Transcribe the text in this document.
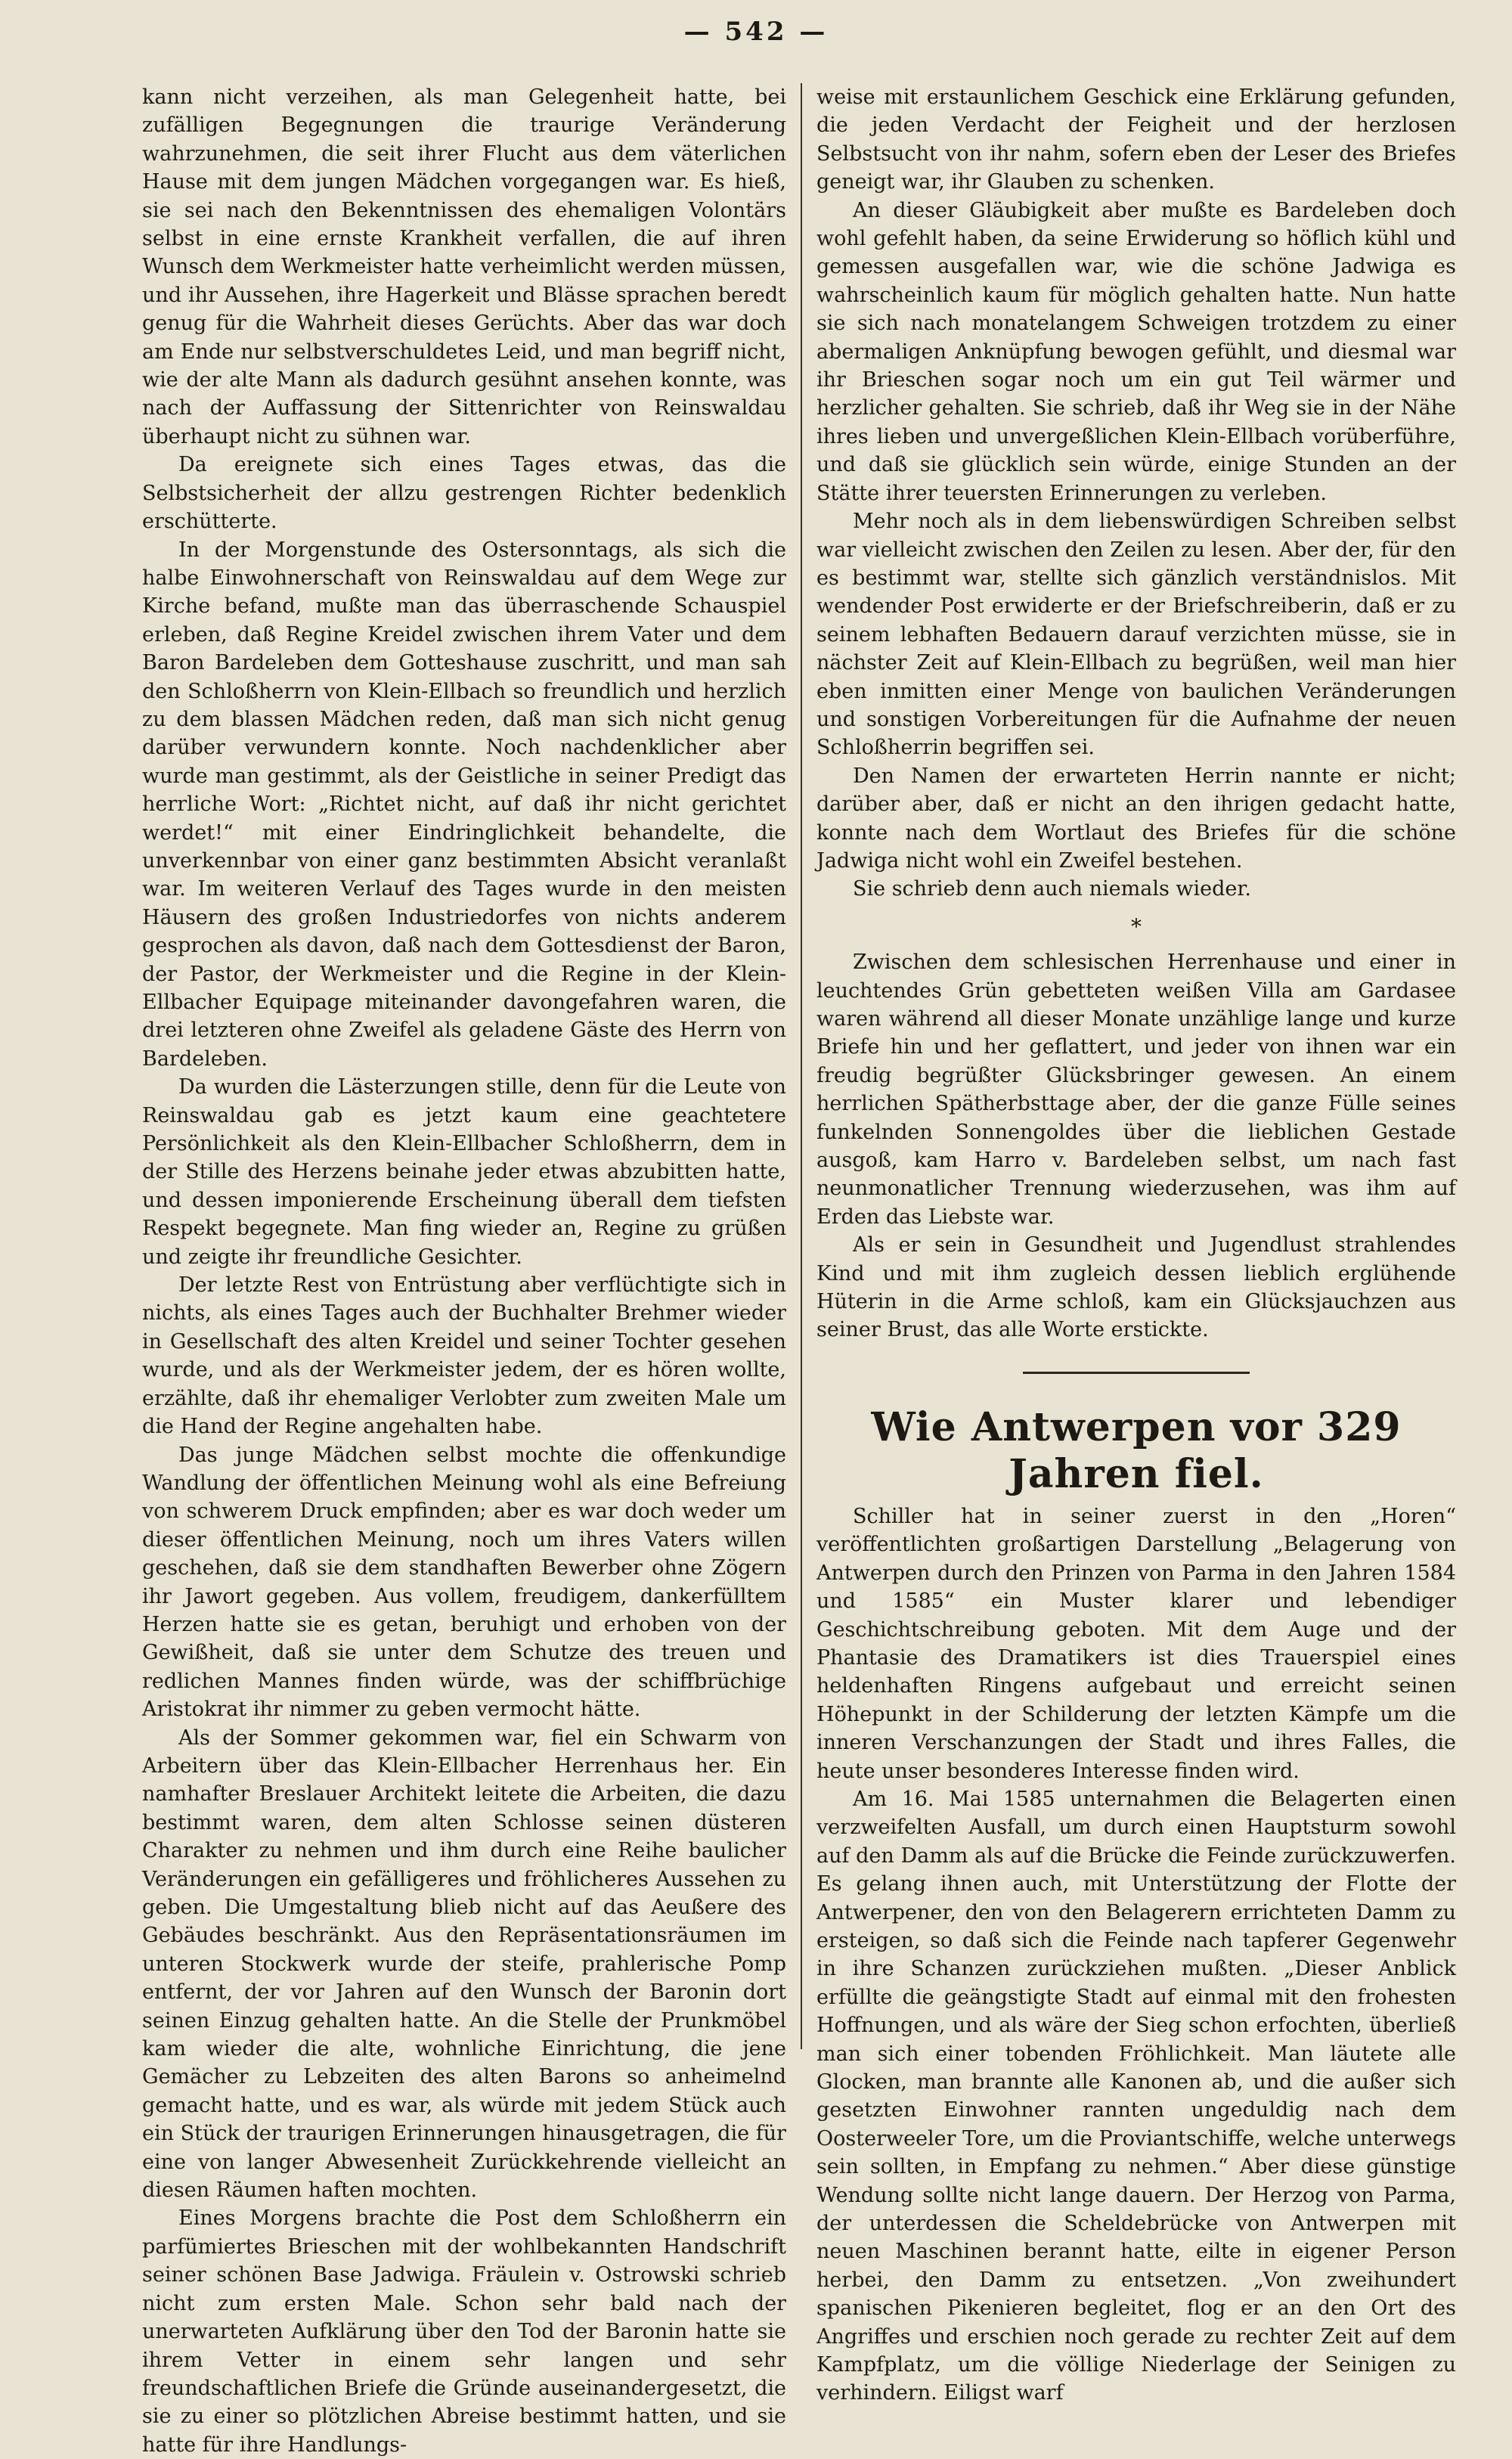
— 542 —

kann nicht verzeihen, als man Gelegenheit hatte, bei zufälligen Begegnungen die traurige Veränderung wahrzunehmen, die seit ihrer Flucht aus dem väterlichen Hause mit dem jungen Mädchen vorgegangen war. Es hieß, sie sei nach den Bekenntnissen des ehemaligen Volontärs selbst in eine ernste Krankheit verfallen, die auf ihren Wunsch dem Werkmeister hatte verheimlicht werden müssen, und ihr Aussehen, ihre Hagerkeit und Blässe sprachen beredt genug für die Wahrheit dieses Gerüchts. Aber das war doch am Ende nur selbstverschuldetes Leid, und man begriff nicht, wie der alte Mann als dadurch gesühnt ansehen konnte, was nach der Auffassung der Sittenrichter von Reinswaldau überhaupt nicht zu sühnen war.

Da ereignete sich eines Tages etwas, das die Selbstsicherheit der allzu gestrengen Richter bedenklich erschütterte.

In der Morgenstunde des Ostersonntags, als sich die halbe Einwohnerschaft von Reinswaldau auf dem Wege zur Kirche befand, mußte man das überraschende Schauspiel erleben, daß Regine Kreidel zwischen ihrem Vater und dem Baron Bardeleben dem Gotteshause zuschritt, und man sah den Schloßherrn von Klein-Ellbach so freundlich und herzlich zu dem blassen Mädchen reden, daß man sich nicht genug darüber verwundern konnte. Noch nachdenklicher aber wurde man gestimmt, als der Geistliche in seiner Predigt das herrliche Wort: „Richtet nicht, auf daß ihr nicht gerichtet werdet!“ mit einer Eindringlichkeit behandelte, die unverkennbar von einer ganz bestimmten Absicht veranlaßt war. Im weiteren Verlauf des Tages wurde in den meisten Häusern des großen Industriedorfes von nichts anderem gesprochen als davon, daß nach dem Gottesdienst der Baron, der Pastor, der Werkmeister und die Regine in der Klein-Ellbacher Equipage miteinander davongefahren waren, die drei letzteren ohne Zweifel als geladene Gäste des Herrn von Bardeleben.

Da wurden die Lästerzungen stille, denn für die Leute von Reinswaldau gab es jetzt kaum eine geachtetere Persönlichkeit als den Klein-Ellbacher Schloßherrn, dem in der Stille des Herzens beinahe jeder etwas abzubitten hatte, und dessen imponierende Erscheinung überall dem tiefsten Respekt begegnete. Man fing wieder an, Regine zu grüßen und zeigte ihr freundliche Gesichter.

Der letzte Rest von Entrüstung aber verflüchtigte sich in nichts, als eines Tages auch der Buchhalter Brehmer wieder in Gesellschaft des alten Kreidel und seiner Tochter gesehen wurde, und als der Werkmeister jedem, der es hören wollte, erzählte, daß ihr ehemaliger Verlobter zum zweiten Male um die Hand der Regine angehalten habe.

Das junge Mädchen selbst mochte die offenkundige Wandlung der öffentlichen Meinung wohl als eine Befreiung von schwerem Druck empfinden; aber es war doch weder um dieser öffentlichen Meinung, noch um ihres Vaters willen geschehen, daß sie dem standhaften Bewerber ohne Zögern ihr Jawort gegeben. Aus vollem, freudigem, dankerfülltem Herzen hatte sie es getan, beruhigt und erhoben von der Gewißheit, daß sie unter dem Schutze des treuen und redlichen Mannes finden würde, was der schiffbrüchige Aristokrat ihr nimmer zu geben vermocht hätte.

Als der Sommer gekommen war, fiel ein Schwarm von Arbeitern über das Klein-Ellbacher Herrenhaus her. Ein namhafter Breslauer Architekt leitete die Arbeiten, die dazu bestimmt waren, dem alten Schlosse seinen düsteren Charakter zu nehmen und ihm durch eine Reihe baulicher Veränderungen ein gefälligeres und fröhlicheres Aussehen zu geben. Die Umgestaltung blieb nicht auf das Aeußere des Gebäudes beschränkt. Aus den Repräsentationsräumen im unteren Stockwerk wurde der steife, prahlerische Pomp entfernt, der vor Jahren auf den Wunsch der Baronin dort seinen Einzug gehalten hatte. An die Stelle der Prunkmöbel kam wieder die alte, wohnliche Einrichtung, die jene Gemächer zu Lebzeiten des alten Barons so anheimelnd gemacht hatte, und es war, als würde mit jedem Stück auch ein Stück der traurigen Erinnerungen hinausgetragen, die für eine von langer Abwesenheit Zurückkehrende vielleicht an diesen Räumen haften mochten.

Eines Morgens brachte die Post dem Schloßherrn ein parfümiertes Brieschen mit der wohlbekannten Handschrift seiner schönen Base Jadwiga. Fräulein v. Ostrowski schrieb nicht zum ersten Male. Schon sehr bald nach der unerwarteten Aufklärung über den Tod der Baronin hatte sie ihrem Vetter in einem sehr langen und sehr freundschaftlichen Briefe die Gründe auseinandergesetzt, die sie zu einer so plötzlichen Abreise bestimmt hatten, und sie hatte für ihre Handlungs-

weise mit erstaunlichem Geschick eine Erklärung gefunden, die jeden Verdacht der Feigheit und der herzlosen Selbstsucht von ihr nahm, sofern eben der Leser des Briefes geneigt war, ihr Glauben zu schenken.

An dieser Gläubigkeit aber mußte es Bardeleben doch wohl gefehlt haben, da seine Erwiderung so höflich kühl und gemessen ausgefallen war, wie die schöne Jadwiga es wahrscheinlich kaum für möglich gehalten hatte. Nun hatte sie sich nach monatelangem Schweigen trotzdem zu einer abermaligen Anknüpfung bewogen gefühlt, und diesmal war ihr Brieschen sogar noch um ein gut Teil wärmer und herzlicher gehalten. Sie schrieb, daß ihr Weg sie in der Nähe ihres lieben und unvergeßlichen Klein-Ellbach vorüberführe, und daß sie glücklich sein würde, einige Stunden an der Stätte ihrer teuersten Erinnerungen zu verleben.

Mehr noch als in dem liebenswürdigen Schreiben selbst war vielleicht zwischen den Zeilen zu lesen. Aber der, für den es bestimmt war, stellte sich gänzlich verständnislos. Mit wendender Post erwiderte er der Briefschreiberin, daß er zu seinem lebhaften Bedauern darauf verzichten müsse, sie in nächster Zeit auf Klein-Ellbach zu begrüßen, weil man hier eben inmitten einer Menge von baulichen Veränderungen und sonstigen Vorbereitungen für die Aufnahme der neuen Schloßherrin begriffen sei.

Den Namen der erwarteten Herrin nannte er nicht; darüber aber, daß er nicht an den ihrigen gedacht hatte, konnte nach dem Wortlaut des Briefes für die schöne Jadwiga nicht wohl ein Zweifel bestehen.

Sie schrieb denn auch niemals wieder.

*

Zwischen dem schlesischen Herrenhause und einer in leuchtendes Grün gebetteten weißen Villa am Gardasee waren während all dieser Monate unzählige lange und kurze Briefe hin und her geflattert, und jeder von ihnen war ein freudig begrüßter Glücksbringer gewesen. An einem herrlichen Spätherbsttage aber, der die ganze Fülle seines funkelnden Sonnengoldes über die lieblichen Gestade ausgoß, kam Harro v. Bardeleben selbst, um nach fast neunmonatlicher Trennung wiederzusehen, was ihm auf Erden das Liebste war.

Als er sein in Gesundheit und Jugendlust strahlendes Kind und mit ihm zugleich dessen lieblich erglühende Hüterin in die Arme schloß, kam ein Glücksjauchzen aus seiner Brust, das alle Worte erstickte.

Wie Antwerpen vor 329 Jahren fiel.

Schiller hat in seiner zuerst in den „Horen“ veröffentlichten großartigen Darstellung „Belagerung von Antwerpen durch den Prinzen von Parma in den Jahren 1584 und 1585“ ein Muster klarer und lebendiger Geschichtschreibung geboten. Mit dem Auge und der Phantasie des Dramatikers ist dies Trauerspiel eines heldenhaften Ringens aufgebaut und erreicht seinen Höhepunkt in der Schilderung der letzten Kämpfe um die inneren Verschanzungen der Stadt und ihres Falles, die heute unser besonderes Interesse finden wird.

Am 16. Mai 1585 unternahmen die Belagerten einen verzweifelten Ausfall, um durch einen Hauptsturm sowohl auf den Damm als auf die Brücke die Feinde zurückzuwerfen. Es gelang ihnen auch, mit Unterstützung der Flotte der Antwerpener, den von den Belagerern errichteten Damm zu ersteigen, so daß sich die Feinde nach tapferer Gegenwehr in ihre Schanzen zurückziehen mußten. „Dieser Anblick erfüllte die geängstigte Stadt auf einmal mit den frohesten Hoffnungen, und als wäre der Sieg schon erfochten, überließ man sich einer tobenden Fröhlichkeit. Man läutete alle Glocken, man brannte alle Kanonen ab, und die außer sich gesetzten Einwohner rannten ungeduldig nach dem Oosterweeler Tore, um die Proviantschiffe, welche unterwegs sein sollten, in Empfang zu nehmen.“ Aber diese günstige Wendung sollte nicht lange dauern. Der Herzog von Parma, der unterdessen die Scheldebrücke von Antwerpen mit neuen Maschinen berannt hatte, eilte in eigener Person herbei, den Damm zu entsetzen. „Von zweihundert spanischen Pikenieren begleitet, flog er an den Ort des Angriffes und erschien noch gerade zu rechter Zeit auf dem Kampfplatz, um die völlige Niederlage der Seinigen zu verhindern. Eiligst warf
